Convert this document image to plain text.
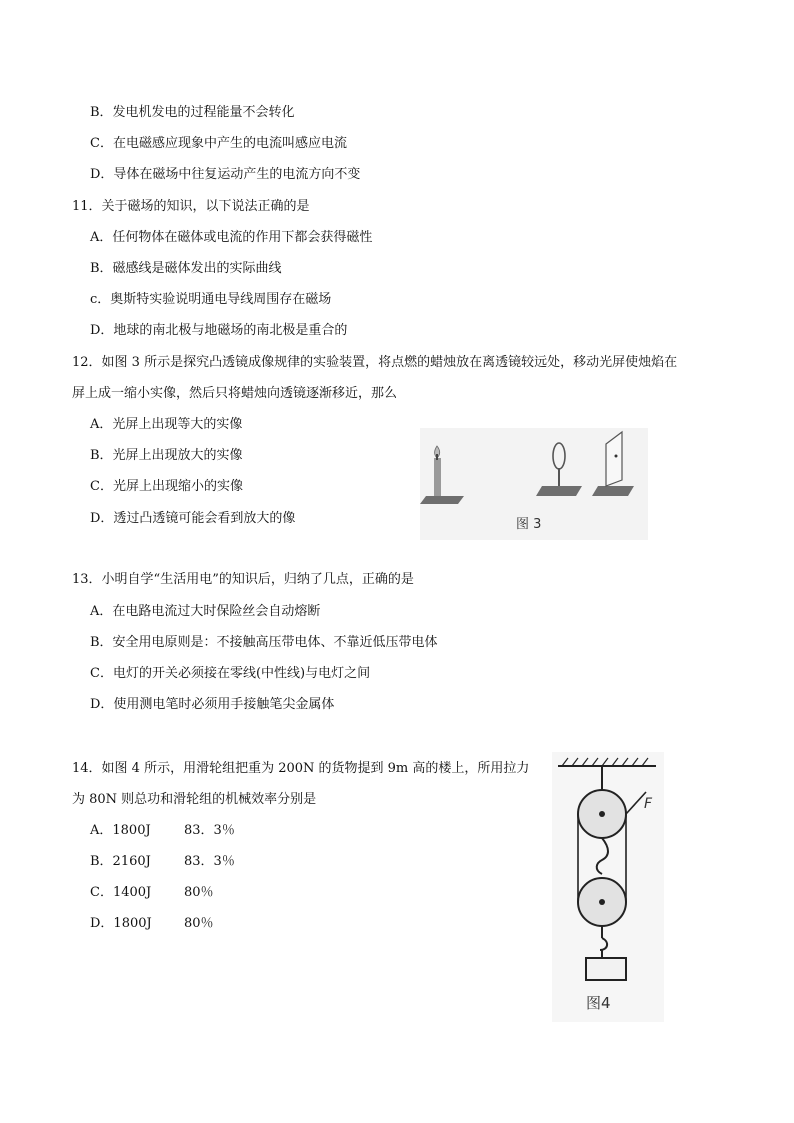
B．发电机发电的过程能量不会转化
C．在电磁感应现象中产生的电流叫感应电流
D．导体在磁场中往复运动产生的电流方向不变
11．关于磁场的知识，以下说法正确的是
A．任何物体在磁体或电流的作用下都会获得磁性
B．磁感线是磁体发出的实际曲线
c．奥斯特实验说明通电导线周围存在磁场
D．地球的南北极与地磁场的南北极是重合的
12．如图 3 所示是探究凸透镜成像规律的实验装置，将点燃的蜡烛放在离透镜较远处，移动光屏使烛焰在
屏上成一缩小实像，然后只将蜡烛向透镜逐渐移近，那么
A．光屏上出现等大的实像
B．光屏上出现放大的实像
C．光屏上出现缩小的实像
D．透过凸透镜可能会看到放大的像	图 3
13．小明自学“生活用电”的知识后，归纳了几点，正确的是
A．在电路电流过大时保险丝会自动熔断
B．安全用电原则是：不接触高压带电体、不靠近低压带电体
C．电灯的开关必须接在零线(中性线)与电灯之间
D．使用测电笔时必须用手接触笔尖金属体
14．如图 4 所示，用滑轮组把重为 200N 的货物提到 9m 高的楼上，所用拉力
为 80N 则总功和滑轮组的机械效率分别是
A．1800J	83．3％
B．2160J	83．3％
C．1400J	80％
D．1800J 80％
F
图4
